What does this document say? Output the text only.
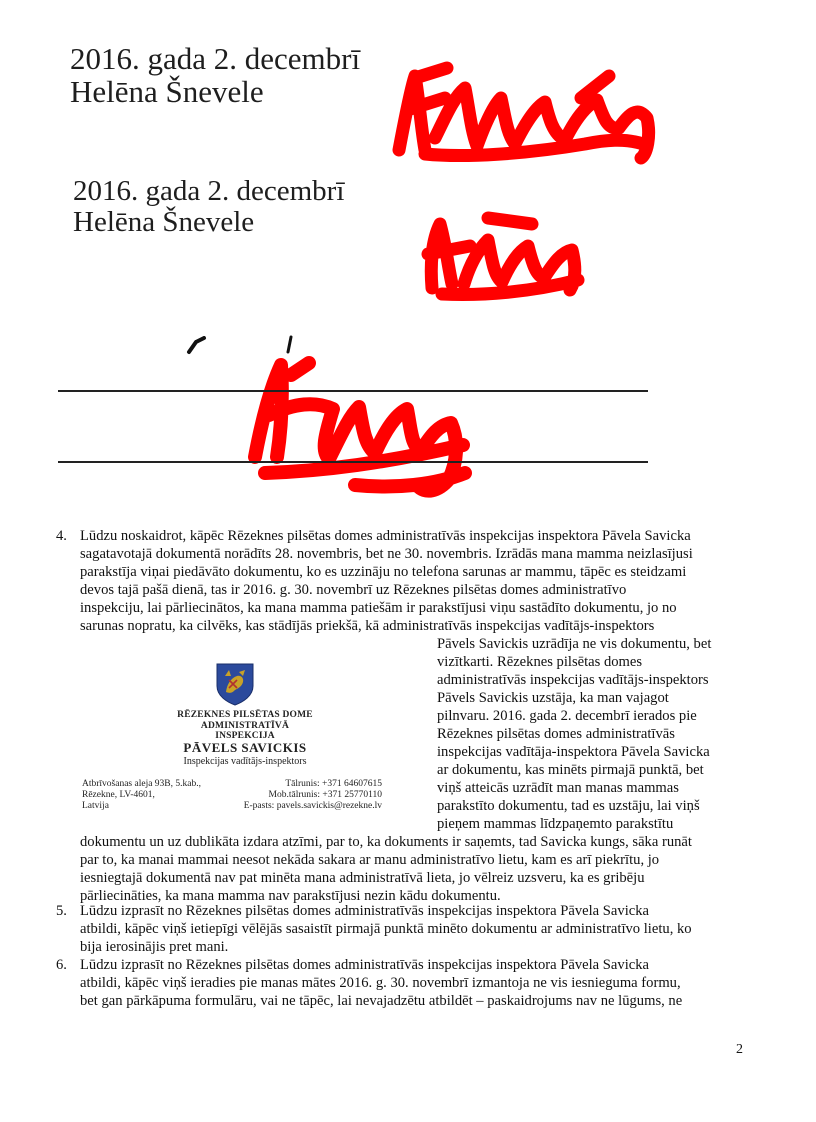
2016. gada 2. decembrī
Helēna Šnevele
2016. gada 2. decembrī
Helēna Šnevele
4. Lūdzu noskaidrot, kāpēc Rēzeknes pilsētas domes administratīvās inspekcijas inspektora Pāvela Savicka
sagatavotajā dokumentā norādīts 28. novembris, bet ne 30. novembris. Izrādās mana mamma neizlasījusi
parakstīja viņai piedāvāto dokumentu, ko es uzzināju no telefona sarunas ar mammu, tāpēc es steidzami
devos tajā pašā dienā, tas ir 2016. g. 30. novembrī uz Rēzeknes pilsētas domes administratīvo
inspekciju, lai pārliecinātos, ka mana mamma patiešām ir parakstījusi viņu sastādīto dokumentu, jo no
sarunas nopratu, ka cilvēks, kas stādījās priekšā, kā administratīvās inspekcijas vadītājs-inspektors
Pāvels Savickis uzrādīja ne vis dokumentu, bet
vizītkarti. Rēzeknes pilsētas domes
administratīvās inspekcijas vadītājs-inspektors
Pāvels Savickis uzstāja, ka man vajagot
pilnvaru. 2016. gada 2. decembrī ierados pie
Rēzeknes pilsētas domes administratīvās
inspekcijas vadītāja-inspektora Pāvela Savicka
ar dokumentu, kas minēts pirmajā punktā, bet
viņš atteicās uzrādīt man manas mammas
parakstīto dokumentu, tad es uzstāju, lai viņš
pieņem mammas līdzpaņemto parakstītu
dokumentu un uz dublikāta izdara atzīmi, par to, ka dokuments ir saņemts, tad Savicka kungs, sāka runāt
par to, ka manai mammai neesot nekāda sakara ar manu administratīvo lietu, kam es arī piekrītu, jo
iesniegtajā dokumentā nav pat minēta mana administratīvā lieta, jo vēlreiz uzsveru, ka es gribēju
pārliecināties, ka mana mamma nav parakstījusi nezin kādu dokumentu.
RĒZEKNES PILSĒTAS DOME
ADMINISTRATĪVĀ INSPEKCIJA
PĀVELS SAVICKIS
Inspekcijas vadītājs-inspektors
Atbrīvošanas aleja 93B, 5.kab.,
Rēzekne, LV-4601,
Latvija
Tālrunis: +371 64607615
Mob.tālrunis: +371 25770110
E-pasts: pavels.savickis@rezekne.lv
5. Lūdzu izprasīt no Rēzeknes pilsētas domes administratīvās inspekcijas inspektora Pāvela Savicka
atbildi, kāpēc viņš ietiepīgi vēlējās sasaistīt pirmajā punktā minēto dokumentu ar administratīvo lietu, ko
bija ierosinājis pret mani.
6. Lūdzu izprasīt no Rēzeknes pilsētas domes administratīvās inspekcijas inspektora Pāvela Savicka
atbildi, kāpēc viņš ieradies pie manas mātes 2016. g. 30. novembrī izmantoja ne vis iesnieguma formu,
bet gan pārkāpuma formulāru, vai ne tāpēc, lai nevajadzētu atbildēt – paskaidrojums nav ne lūgums, ne
2
